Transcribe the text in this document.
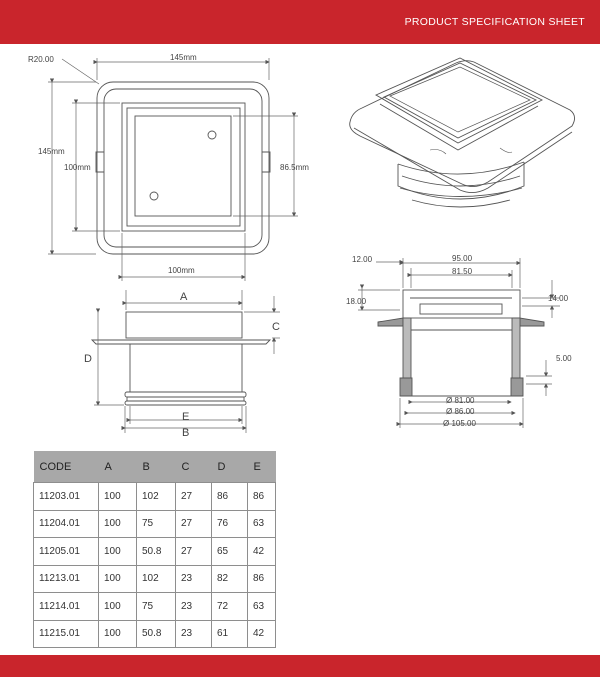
PRODUCT SPECIFICATION SHEET
R20.00	145mm
145mm
100mm	86.5mm
100mm
A
C
D
E
B
12.00	95.00
81.50
18.00	14.00
5.00
Ø 81.00
Ø 86.00
Ø 105.00
CODE	A	B	C	D	E
11203.01	100	102	27	86	86
11204.01	100	75	27	76	63
11205.01	100	50.8	27	65	42
11213.01	100	102	23	82	86
11214.01	100	75	23	72	63
11215.01	100	50.8	23	61	42
